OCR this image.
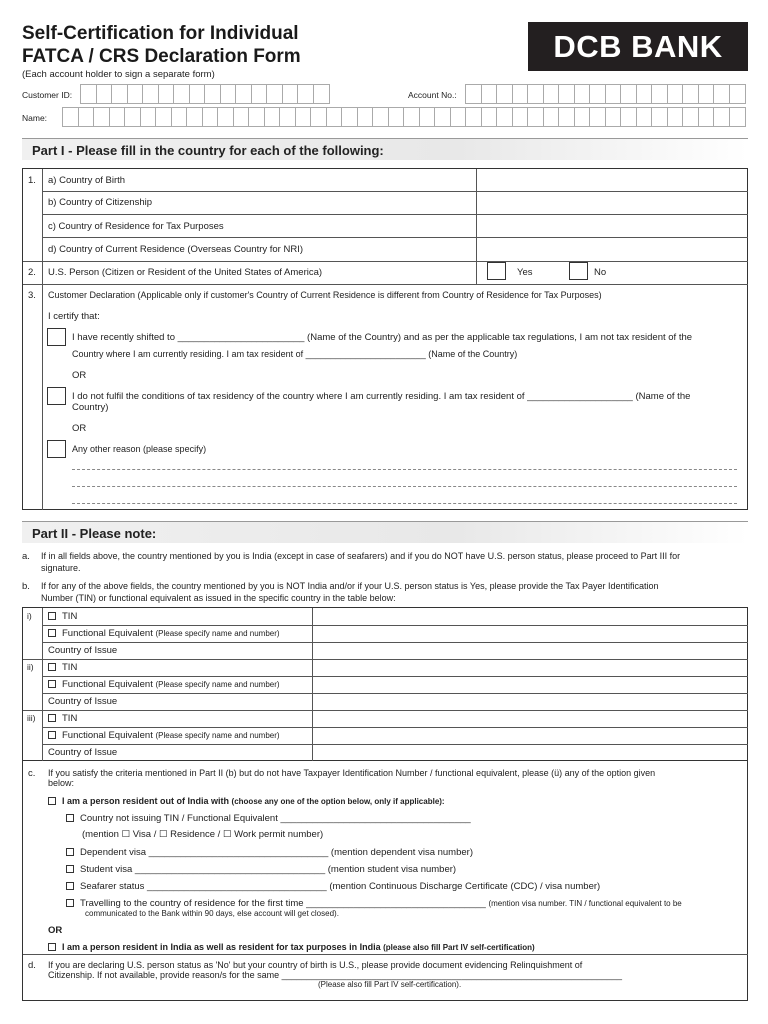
Self-Certification for Individual
FATCA / CRS Declaration Form
(Each account holder to sign a separate form)
DCB BANK
Customer ID:	Account No.:
Name:
Part I - Please fill in the country for each of the following:
1. a) Country of Birth
b) Country of Citizenship
c) Country of Residence for Tax Purposes
d) Country of Current Residence (Overseas Country for NRI)
2. U.S. Person (Citizen or Resident of the United States of America)	Yes	No
3. Customer Declaration (Applicable only if customer's Country of Current Residence is different from Country of Residence for Tax Purposes)
I certify that:
I have recently shifted to ________________________ (Name of the Country) and as per the applicable tax regulations, I am not tax resident of the
Country where I am currently residing. I am tax resident of ________________________ (Name of the Country)
OR
I do not fulfil the conditions of tax residency of the country where I am currently residing. I am tax resident of ____________________ (Name of the
Country)
OR
Any other reason (please specify)
Part II - Please note:
a. If in all fields above, the country mentioned by you is India (except in case of seafarers) and if you do NOT have U.S. person status, please proceed to Part III for
signature.
b. If for any of the above fields, the country mentioned by you is NOT India and/or if your U.S. person status is Yes, please provide the Tax Payer Identification
Number (TIN) or functional equivalent as issued in the specific country in the table below:
i)	TIN
Functional Equivalent (Please specify name and number)
Country of Issue
ii)	TIN
Functional Equivalent (Please specify name and number)
Country of Issue
iii)	TIN
Functional Equivalent (Please specify name and number)
Country of Issue
c. If you satisfy the criteria mentioned in Part II (b) but do not have Taxpayer Identification Number / functional equivalent, please (ü) any of the option given
below:
I am a person resident out of India with (choose any one of the option below, only if applicable):
Country not issuing TIN / Functional Equivalent ____________________________________
(mention ☐ Visa / ☐ Residence / ☐ Work permit number)
Dependent visa __________________________________ (mention dependent visa number)
Student visa ____________________________________ (mention student visa number)
Seafarer status __________________________________ (mention Continuous Discharge Certificate (CDC) / visa number)
Travelling to the country of residence for the first time __________________________________ (mention visa number. TIN / functional equivalent to be
communicated to the Bank within 90 days, else account will get closed).
OR
I am a person resident in India as well as resident for tax purposes in India (please also fill Part IV self-certification)
d. If you are declaring U.S. person status as 'No' but your country of birth is U.S., please provide document evidencing Relinquishment of
Citizenship. If not available, provide reason/s for the same ____________________________________________________________________
(Please also fill Part IV self-certification).
